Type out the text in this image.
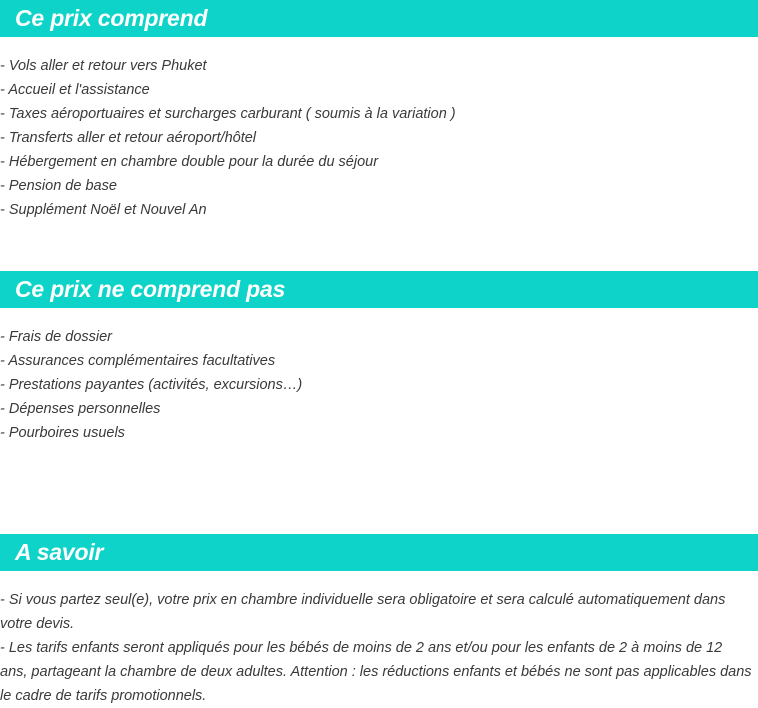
Ce prix comprend
- Vols aller et retour vers Phuket
- Accueil et l'assistance
- Taxes aéroportuaires et surcharges carburant ( soumis à la variation )
- Transferts aller et retour aéroport/hôtel
- Hébergement en chambre double pour la durée du séjour
- Pension de base
- Supplément Noël et Nouvel An
Ce prix ne comprend pas
- Frais de dossier
- Assurances complémentaires facultatives
- Prestations payantes (activités, excursions…)
- Dépenses personnelles
- Pourboires usuels
A savoir

- Si vous partez seul(e), votre prix en chambre individuelle sera obligatoire et sera calculé automatiquement dans votre devis.

- Les tarifs enfants seront appliqués pour les bébés de moins de 2 ans et/ou pour les enfants de 2 à moins de 12 ans, partageant la chambre de deux adultes. Attention : les réductions enfants et bébés ne sont pas applicables dans le cadre de tarifs promotionnels.
